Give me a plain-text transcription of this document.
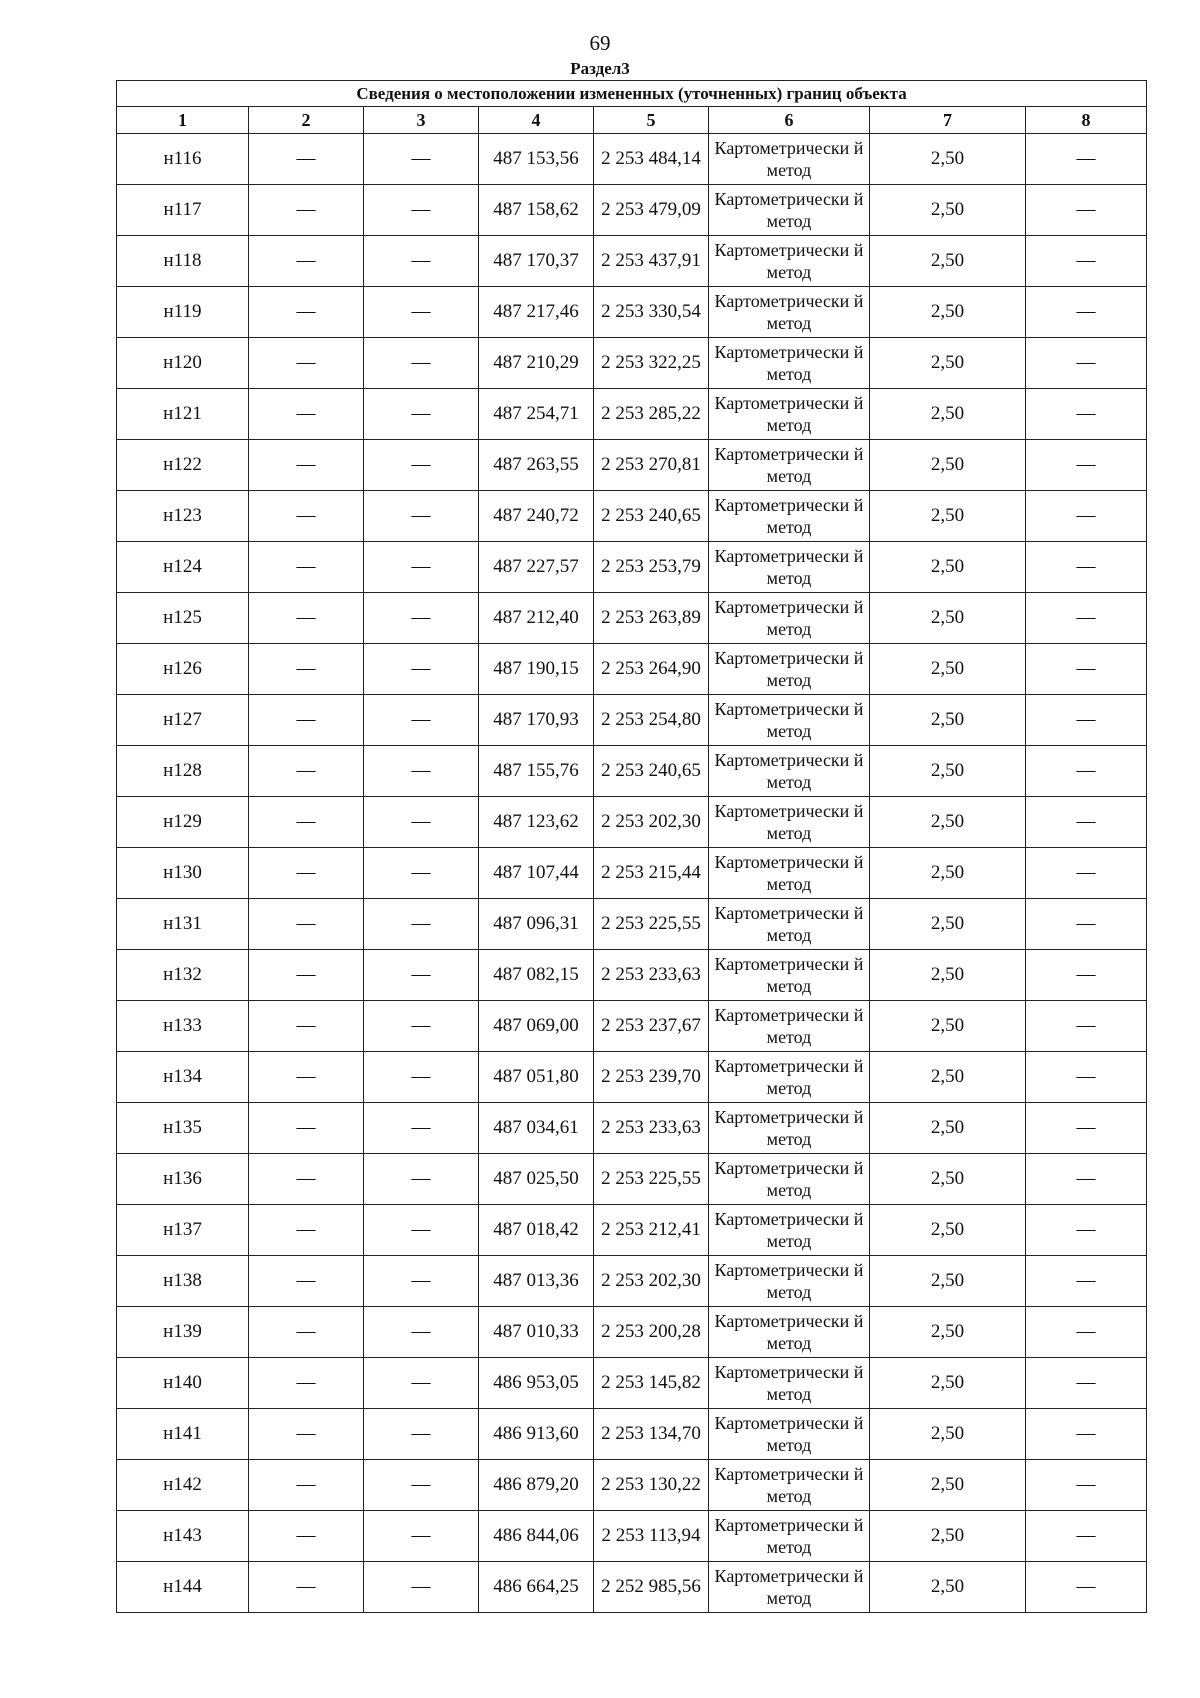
69
Раздел3
Сведения о местоположении измененных (уточненных) границ объекта							
1	2	3	4	5	6	7	8
н116	—	—	487 153,56	2 253 484,14	Картометрически й метод	2,50	—
н117	—	—	487 158,62	2 253 479,09	Картометрически й метод	2,50	—
н118	—	—	487 170,37	2 253 437,91	Картометрически й метод	2,50	—
н119	—	—	487 217,46	2 253 330,54	Картометрически й метод	2,50	—
н120	—	—	487 210,29	2 253 322,25	Картометрически й метод	2,50	—
н121	—	—	487 254,71	2 253 285,22	Картометрически й метод	2,50	—
н122	—	—	487 263,55	2 253 270,81	Картометрически й метод	2,50	—
н123	—	—	487 240,72	2 253 240,65	Картометрически й метод	2,50	—
н124	—	—	487 227,57	2 253 253,79	Картометрически й метод	2,50	—
н125	—	—	487 212,40	2 253 263,89	Картометрически й метод	2,50	—
н126	—	—	487 190,15	2 253 264,90	Картометрически й метод	2,50	—
н127	—	—	487 170,93	2 253 254,80	Картометрически й метод	2,50	—
н128	—	—	487 155,76	2 253 240,65	Картометрически й метод	2,50	—
н129	—	—	487 123,62	2 253 202,30	Картометрически й метод	2,50	—
н130	—	—	487 107,44	2 253 215,44	Картометрически й метод	2,50	—
н131	—	—	487 096,31	2 253 225,55	Картометрически й метод	2,50	—
н132	—	—	487 082,15	2 253 233,63	Картометрически й метод	2,50	—
н133	—	—	487 069,00	2 253 237,67	Картометрически й метод	2,50	—
н134	—	—	487 051,80	2 253 239,70	Картометрически й метод	2,50	—
н135	—	—	487 034,61	2 253 233,63	Картометрически й метод	2,50	—
н136	—	—	487 025,50	2 253 225,55	Картометрически й метод	2,50	—
н137	—	—	487 018,42	2 253 212,41	Картометрически й метод	2,50	—
н138	—	—	487 013,36	2 253 202,30	Картометрически й метод	2,50	—
н139	—	—	487 010,33	2 253 200,28	Картометрически й метод	2,50	—
н140	—	—	486 953,05	2 253 145,82	Картометрически й метод	2,50	—
н141	—	—	486 913,60	2 253 134,70	Картометрически й метод	2,50	—
н142	—	—	486 879,20	2 253 130,22	Картометрически й метод	2,50	—
н143	—	—	486 844,06	2 253 113,94	Картометрически й метод	2,50	—
н144	—	—	486 664,25	2 252 985,56	Картометрически й метод	2,50	—
